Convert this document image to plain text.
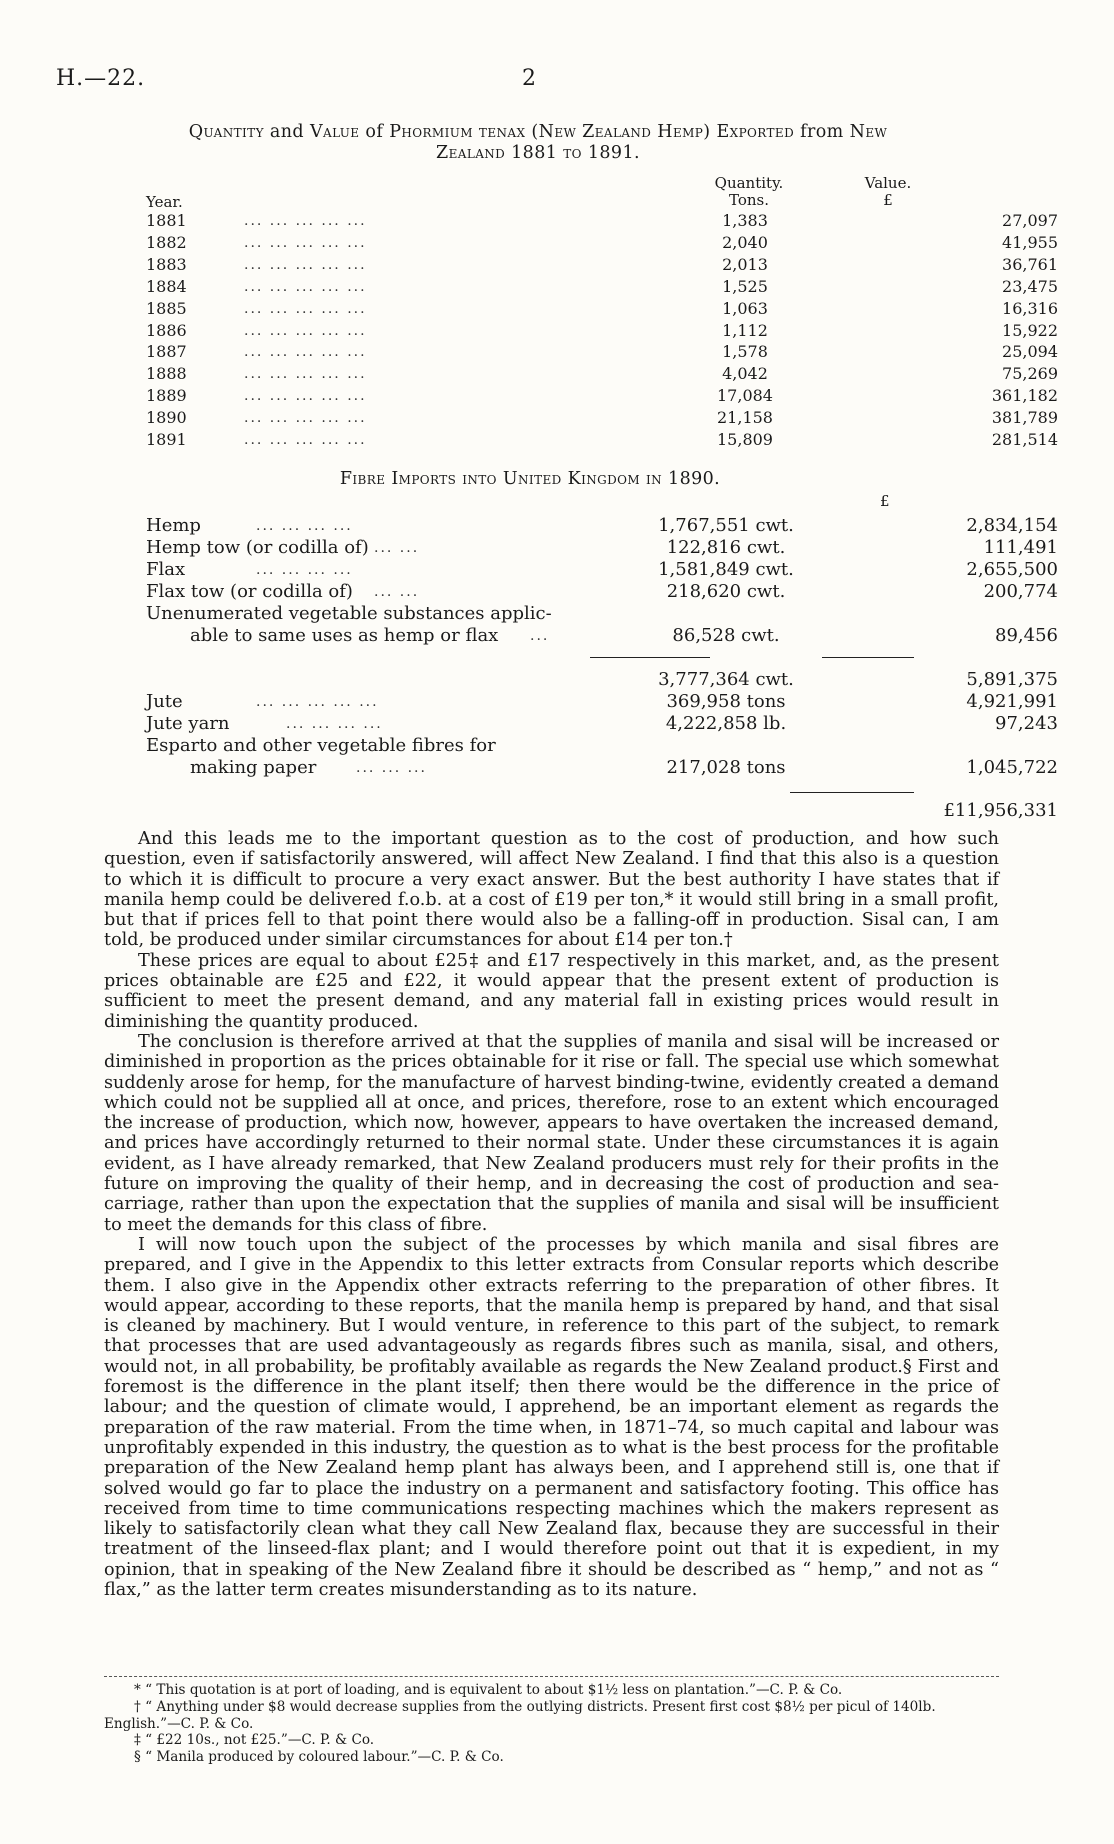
H.—22.	2
Quantity and Value of Phormium tenax (New Zealand Hemp) Exported from New
Zealand 1881 to 1891.
Quantity.
Tons.
Value.
£
Year.
1881	... ... ... ... ...	1,383	27,097
1882	... ... ... ... ...	2,040	41,955
1883	... ... ... ... ...	2,013	36,761
1884	... ... ... ... ...	1,525	23,475
1885	... ... ... ... ...	1,063	16,316
1886	... ... ... ... ...	1,112	15,922
1887	... ... ... ... ...	1,578	25,094
1888	... ... ... ... ...	4,042	75,269
1889	... ... ... ... ...	17,084	361,182
1890	... ... ... ... ...	21,158	381,789
1891	... ... ... ... ...	15,809	281,514
Fibre Imports into United Kingdom in 1890.
£
Hemp	... ... ... ...	1,767,551 cwt.	2,834,154
Hemp tow (or codilla of) ... ...	122,816 cwt.	111,491
Flax	... ... ... ...	1,581,849 cwt.	2,655,500
Flax tow (or codilla of) ... ...	218,620 cwt.	200,774
Unenumerated vegetable substances applic-
able to same uses as hemp or flax ...	86,528 cwt.	89,456
3,777,364 cwt.	5,891,375
Jute	... ... ... ... ...	369,958 tons	4,921,991
Jute yarn	... ... ... ...	4,222,858 lb.	97,243
Esparto and other vegetable fibres for
making paper	... ... ...	217,028 tons	1,045,722
£11,956,331

And this leads me to the important question as to the cost of production, and how such question, even if satisfactorily answered, will affect New Zealand. I find that this also is a question to which it is difficult to procure a very exact answer. But the best authority I have states that if manila hemp could be delivered f.o.b. at a cost of £19 per ton,* it would still bring in a small profit, but that if prices fell to that point there would also be a falling-off in production. Sisal can, I am told, be produced under similar circumstances for about £14 per ton.†

These prices are equal to about £25‡ and £17 respectively in this market, and, as the present prices obtainable are £25 and £22, it would appear that the present extent of production is sufficient to meet the present demand, and any material fall in existing prices would result in diminishing the quantity produced.

The conclusion is therefore arrived at that the supplies of manila and sisal will be increased or diminished in proportion as the prices obtainable for it rise or fall. The special use which somewhat suddenly arose for hemp, for the manufacture of harvest binding-twine, evidently created a demand which could not be supplied all at once, and prices, therefore, rose to an extent which encouraged the increase of production, which now, however, appears to have overtaken the increased demand, and prices have accordingly returned to their normal state. Under these circumstances it is again evident, as I have already remarked, that New Zealand producers must rely for their profits in the future on improving the quality of their hemp, and in decreasing the cost of production and sea-carriage, rather than upon the expectation that the supplies of manila and sisal will be insufficient to meet the demands for this class of fibre.

I will now touch upon the subject of the processes by which manila and sisal fibres are prepared, and I give in the Appendix to this letter extracts from Consular reports which describe them. I also give in the Appendix other extracts referring to the preparation of other fibres. It would appear, according to these reports, that the manila hemp is prepared by hand, and that sisal is cleaned by machinery. But I would venture, in reference to this part of the subject, to remark that processes that are used advantageously as regards fibres such as manila, sisal, and others, would not, in all probability, be profitably available as regards the New Zealand product.§ First and foremost is the difference in the plant itself; then there would be the difference in the price of labour; and the question of climate would, I apprehend, be an important element as regards the preparation of the raw material. From the time when, in 1871–74, so much capital and labour was unprofitably expended in this industry, the question as to what is the best process for the profitable preparation of the New Zealand hemp plant has always been, and I apprehend still is, one that if solved would go far to place the industry on a permanent and satisfactory footing. This office has received from time to time communications respecting machines which the makers represent as likely to satisfactorily clean what they call New Zealand flax, because they are successful in their treatment of the linseed-flax plant; and I would therefore point out that it is expedient, in my opinion, that in speaking of the New Zealand fibre it should be described as “ hemp,” and not as “ flax,” as the latter term creates misunderstanding as to its nature.

* “ This quotation is at port of loading, and is equivalent to about $1½ less on plantation.”—C. P. & Co.

† “ Anything under $8 would decrease supplies from the outlying districts. Present first cost $8½ per picul of 140lb. English.”—C. P. & Co.

‡ “ £22 10s., not £25.”—C. P. & Co.

§ “ Manila produced by coloured labour.”—C. P. & Co.
